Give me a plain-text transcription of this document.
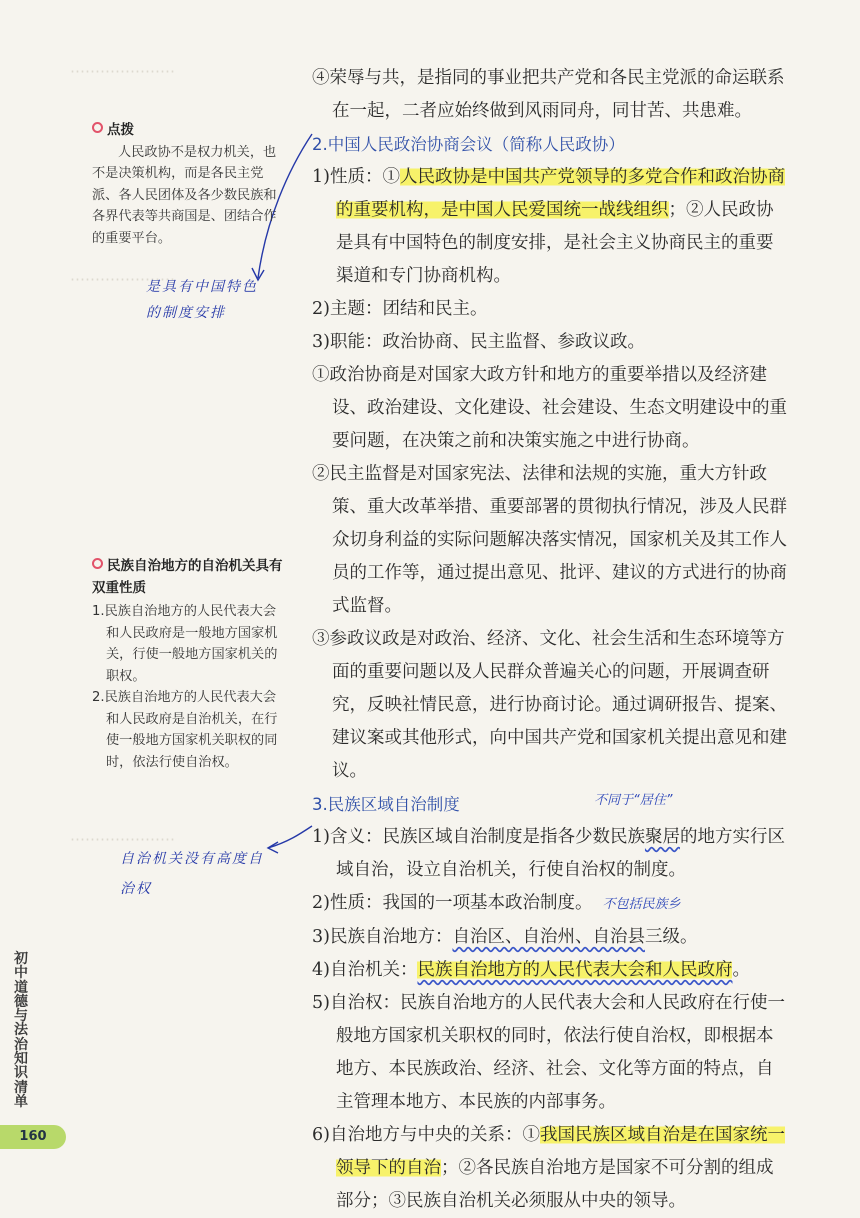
⋯⋯⋯⋯⋯⋯⋯
⋯⋯⋯⋯⋯⋯⋯
⋯⋯⋯⋯⋯⋯⋯
点拨
人民政协不是权力机关，也不是决策机构，而是各民主党派、各人民团体及各少数民族和各界代表等共商国是、团结合作的重要平台。
是具有中国特色
的制度安排
民族自治地方的自治机关具有双重性质
1.民族自治地方的人民代表大会和人民政府是一般地方国家机关，行使一般地方国家机关的职权。
2.民族自治地方的人民代表大会和人民政府是自治机关，在行使一般地方国家机关职权的同时，依法行使自治权。
自治机关没有高度自
治权

④荣辱与共，是指同的事业把共产党和各民主党派的命运联系在一起，二者应始终做到风雨同舟，同甘苦、共患难。

2.中国人民政治协商会议（简称人民政协）

1)性质：①人民政协是中国共产党领导的多党合作和政治协商的重要机构，是中国人民爱国统一战线组织；②人民政协是具有中国特色的制度安排，是社会主义协商民主的重要渠道和专门协商机构。

2)主题：团结和民主。

3)职能：政治协商、民主监督、参政议政。

①政治协商是对国家大政方针和地方的重要举措以及经济建设、政治建设、文化建设、社会建设、生态文明建设中的重要问题，在决策之前和决策实施之中进行协商。

②民主监督是对国家宪法、法律和法规的实施，重大方针政策、重大改革举措、重要部署的贯彻执行情况，涉及人民群众切身利益的实际问题解决落实情况，国家机关及其工作人员的工作等，通过提出意见、批评、建议的方式进行的协商式监督。

③参政议政是对政治、经济、文化、社会生活和生态环境等方面的重要问题以及人民群众普遍关心的问题，开展调查研究，反映社情民意，进行协商讨论。通过调研报告、提案、建议案或其他形式，向中国共产党和国家机关提出意见和建议。

3.民族区域自治制度	不同于“居住”

1)含义：民族区域自治制度是指各少数民族聚居的地方实行区域自治，设立自治机关，行使自治权的制度。

2)性质：我国的一项基本政治制度。 不包括民族乡

3)民族自治地方：自治区、自治州、自治县三级。

4)自治机关：民族自治地方的人民代表大会和人民政府。

5)自治权：民族自治地方的人民代表大会和人民政府在行使一般地方国家机关职权的同时，依法行使自治权，即根据本地方、本民族政治、经济、社会、文化等方面的特点，自主管理本地方、本民族的内部事务。

6)自治地方与中央的关系：①我国民族区域自治是在国家统一领导下的自治；②各民族自治地方是国家不可分割的组成部分；③民族自治机关必须服从中央的领导。

初中道德与法治知识清单
160
